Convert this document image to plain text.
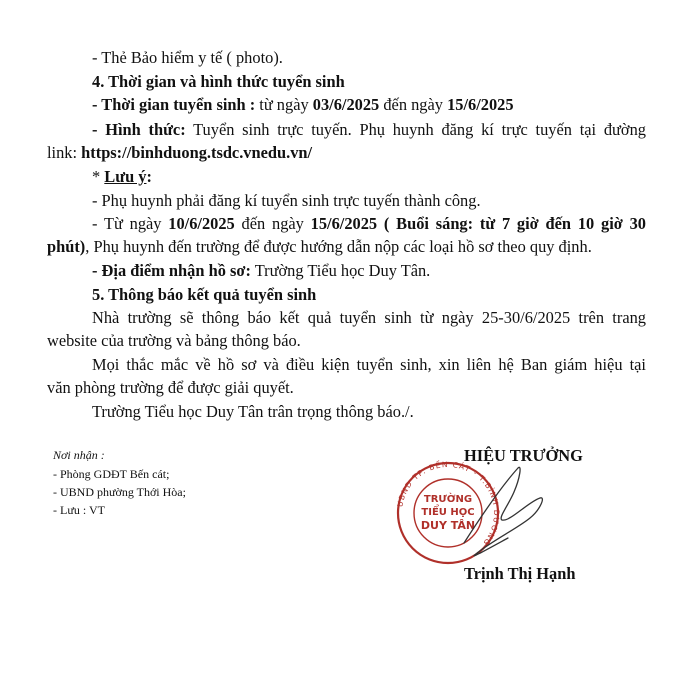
- Thẻ Bảo hiểm y tế ( photo).
4. Thời gian và hình thức tuyển sinh
- Thời gian tuyển sinh : từ ngày 03/6/2025 đến ngày 15/6/2025
- Hình thức: Tuyển sinh trực tuyến. Phụ huynh đăng kí trực tuyến tại đường
link: https://binhduong.tsdc.vnedu.vn/
* Lưu ý:
- Phụ huynh phải đăng kí tuyển sinh trực tuyến thành công.
- Từ ngày 10/6/2025 đến ngày 15/6/2025 ( Buổi sáng: từ 7 giờ đến 10 giờ 30
phút), Phụ huynh đến trường để được hướng dẫn nộp các loại hồ sơ theo quy định.
- Địa điểm nhận hồ sơ: Trường Tiểu học Duy Tân.
5. Thông báo kết quả tuyển sinh
Nhà trường sẽ thông báo kết quả tuyển sinh từ ngày 25-30/6/2025 trên trang
website của trường và bảng thông báo.
Mọi thắc mắc về hồ sơ và điều kiện tuyển sinh, xin liên hệ Ban giám hiệu tại
văn phòng trường để được giải quyết.
Trường Tiểu học Duy Tân trân trọng thông báo./.
Nơi nhận :
- Phòng GDĐT Bến cát;
- UBND phường Thới Hòa;
- Lưu : VT
HIỆU TRƯỞNG
UBND TP. BẾN CÁT - T.BÌNH DƯƠNG
TRƯỜNG
TIỂU HỌC
DUY TÂN
Trịnh Thị Hạnh
